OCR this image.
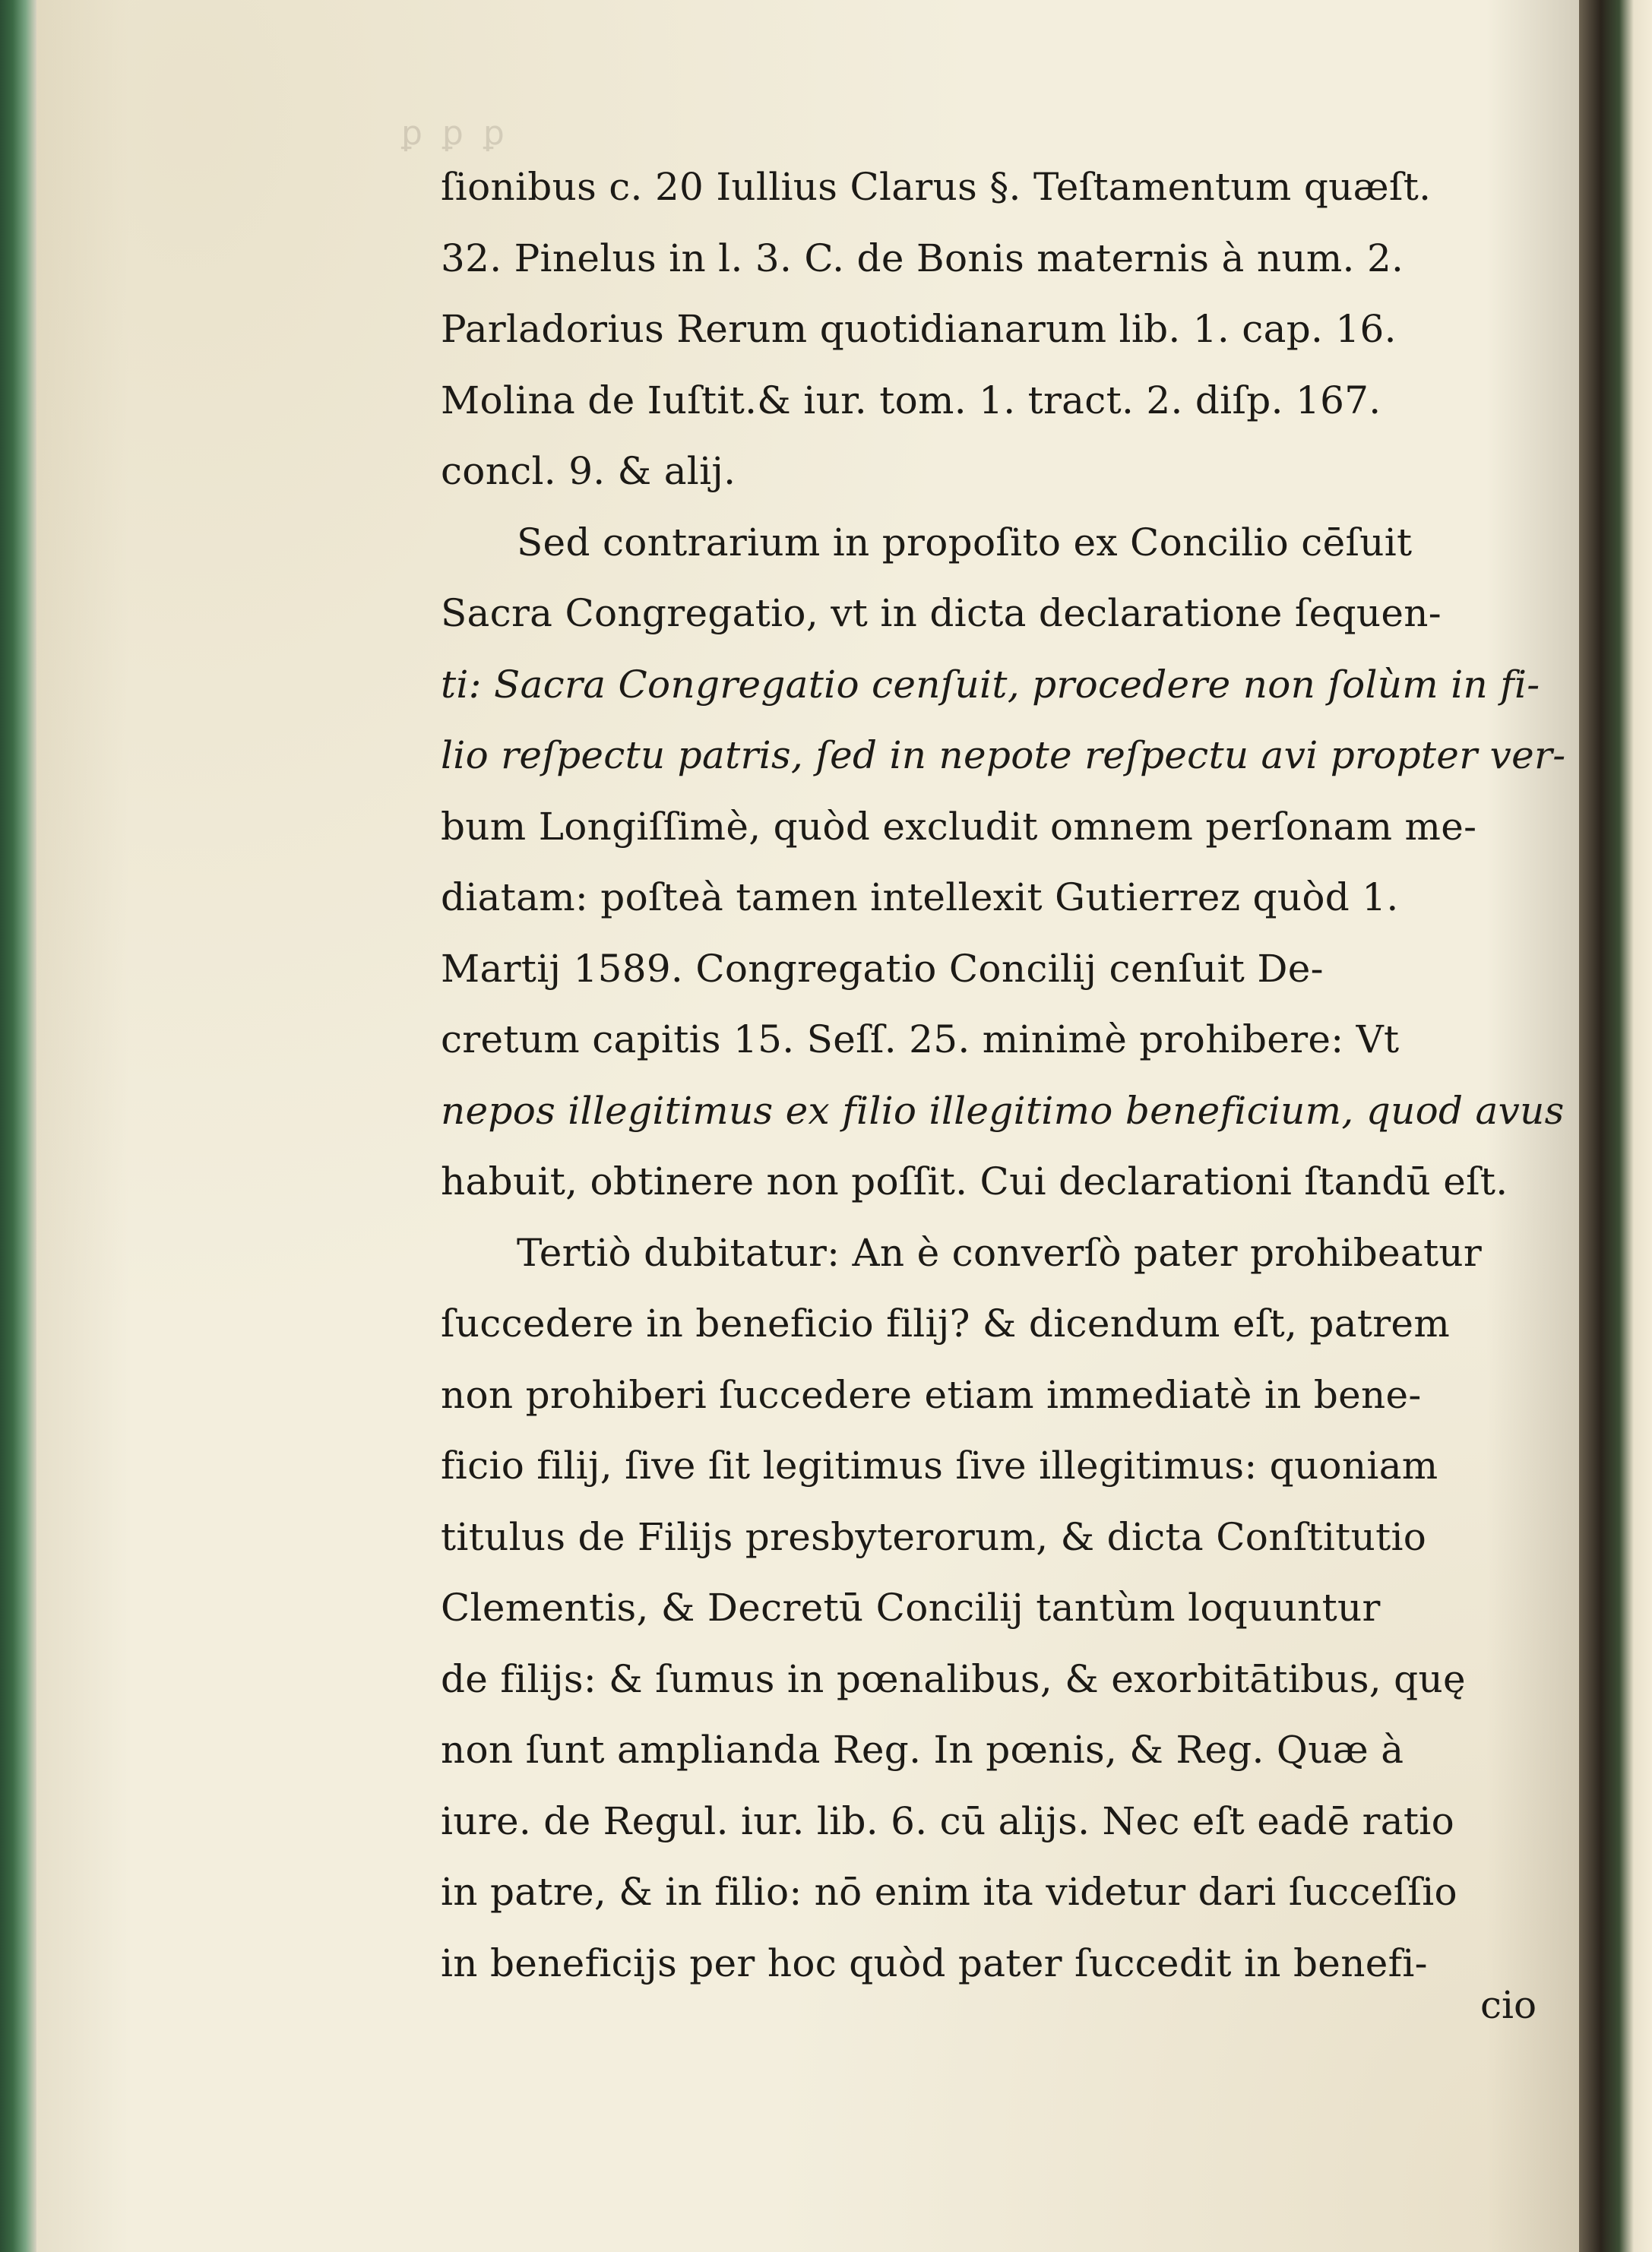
ꝑ ꝑ ꝑ
ſionibus c. 20 Iullius Clarus §. Teſtamentum quæſt.
32. Pinelus in l. 3. C. de Bonis maternis à num. 2.
Parladorius Rerum quotidianarum lib. 1. cap. 16.
Molina de Iuſtit.& iur. tom. 1. tract. 2. diſp. 167.
concl. 9. & alij.
Sed contrarium in propoſito ex Concilio cēſuit
Sacra Congregatio, vt in dicta declaratione ſequen-
ti: Sacra Congregatio cenſuit, procedere non ſolùm in fi-
lio reſpectu patris, ſed in nepote reſpectu avi propter ver-
bum Longiſſimè, quòd excludit omnem perſonam me-
diatam: poſteà tamen intellexit Gutierrez quòd 1.
Martij 1589. Congregatio Concilij cenſuit De-
cretum capitis 15. Seſſ. 25. minimè prohibere: Vt
nepos illegitimus ex filio illegitimo beneficium, quod avus
habuit, obtinere non poſſit. Cui declarationi ſtandū eſt.
Tertiò dubitatur: An è converſò pater prohibeatur
ſuccedere in beneficio filij? & dicendum eſt, patrem
non prohiberi ſuccedere etiam immediatè in bene-
ficio filij, ſive ſit legitimus ſive illegitimus: quoniam
titulus de Filijs presbyterorum, & dicta Conſtitutio
Clementis, & Decretū Concilij tantùm loquuntur
de filijs: & ſumus in pœnalibus, & exorbitātibus, quę
non ſunt amplianda Reg. In pœnis, & Reg. Quæ à
iure. de Regul. iur. lib. 6. cū alijs. Nec eſt eadē ratio
in patre, & in filio: nō enim ita videtur dari ſucceſſio
in beneficijs per hoc quòd pater ſuccedit in benefi-
cio
